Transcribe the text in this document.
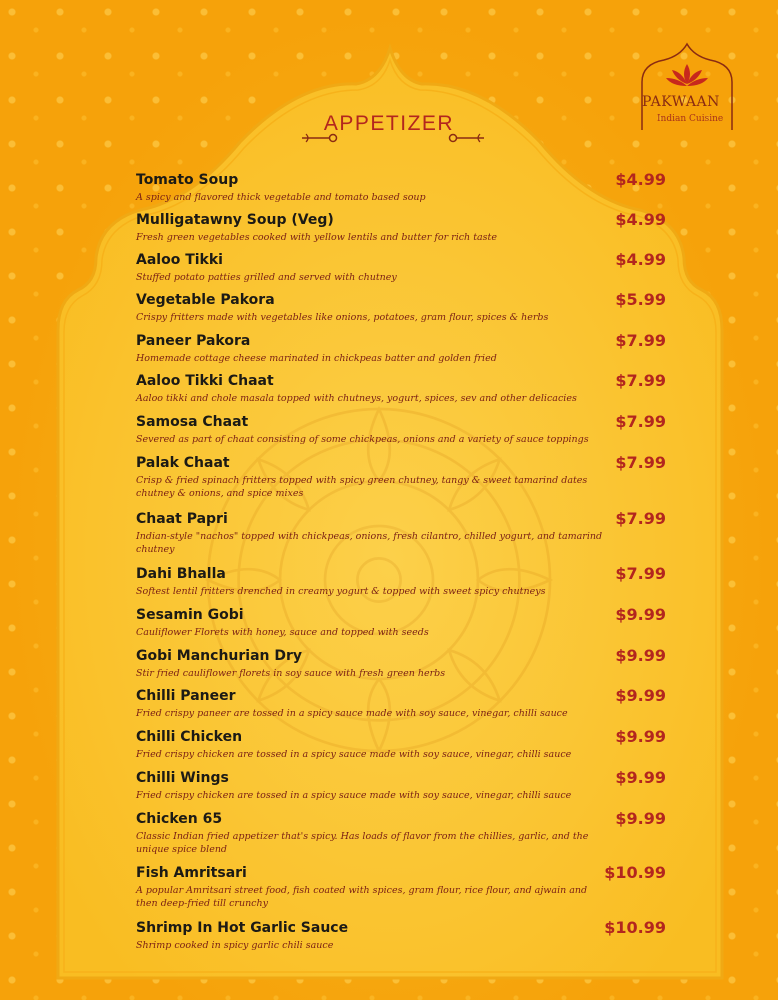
PAKWAAN
Indian Cuisine
APPETIZER
Tomato Soup
A spicy and flavored thick vegetable and tomato based soup
$4.99
Mulligatawny Soup (Veg)
Fresh green vegetables cooked with yellow lentils and butter for rich taste
$4.99
Aaloo Tikki
Stuffed potato patties grilled and served with chutney
$4.99
Vegetable Pakora
Crispy fritters made with vegetables like onions, potatoes, gram flour, spices & herbs
$5.99
Paneer Pakora
Homemade cottage cheese marinated in chickpeas batter and golden fried
$7.99
Aaloo Tikki Chaat
Aaloo tikki and chole masala topped with chutneys, yogurt, spices, sev and other delicacies
$7.99
Samosa Chaat
Severed as part of chaat consisting of some chickpeas, onions and a variety of sauce toppings
$7.99
Palak Chaat
Crisp & fried spinach fritters topped with spicy green chutney, tangy & sweet tamarind dates chutney & onions, and spice mixes
$7.99
Chaat Papri
Indian-style "nachos" topped with chickpeas, onions, fresh cilantro, chilled yogurt, and tamarind chutney
$7.99
Dahi Bhalla
Softest lentil fritters drenched in creamy yogurt & topped with sweet spicy chutneys
$7.99
Sesamin Gobi
Cauliflower Florets with honey, sauce and topped with seeds
$9.99
Gobi Manchurian Dry
Stir fried cauliflower florets in soy sauce with fresh green herbs
$9.99
Chilli Paneer
Fried crispy paneer are tossed in a spicy sauce made with soy sauce, vinegar, chilli sauce
$9.99
Chilli Chicken
Fried crispy chicken are tossed in a spicy sauce made with soy sauce, vinegar, chilli sauce
$9.99
Chilli Wings
Fried crispy chicken are tossed in a spicy sauce made with soy sauce, vinegar, chilli sauce
$9.99
Chicken 65
Classic Indian fried appetizer that's spicy. Has loads of flavor from the chillies, garlic, and the unique spice blend
$9.99
Fish Amritsari
A popular Amritsari street food, fish coated with spices, gram flour, rice flour, and ajwain and then deep-fried till crunchy
$10.99
Shrimp In Hot Garlic Sauce
Shrimp cooked in spicy garlic chili sauce
$10.99
